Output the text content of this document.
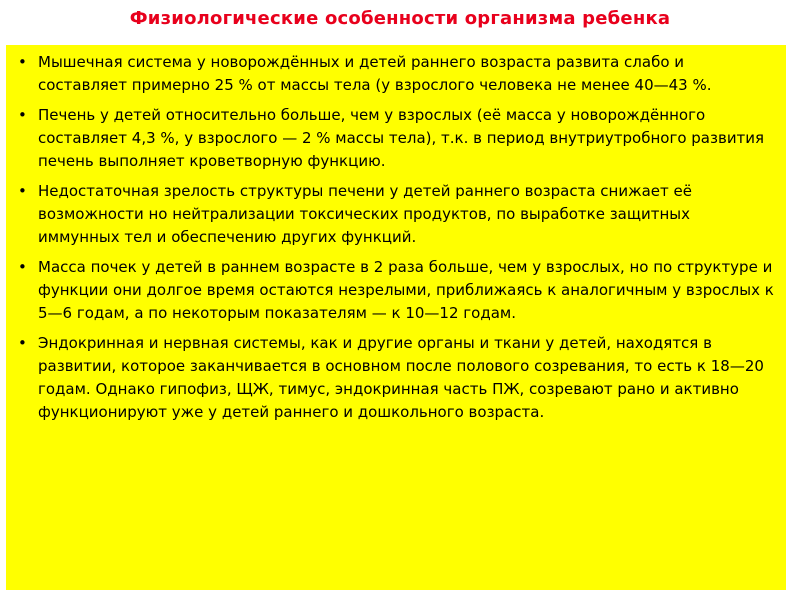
Физиологические особенности организма ребенка
• Мышечная система у новорождённых и детей раннего возраста развита слабо и составляет примерно 25 % от массы тела (у взрослого человека не менее 40—43 %.
• Печень у детей относительно больше, чем у взрослых (её масса у новорождённого составляет 4,3 %, у взрослого — 2 % массы тела), т.к. в период внутриутробного развития печень выполняет кроветворную функцию.
• Недостаточная зрелость структуры печени у детей раннего возраста снижает её возможности но нейтрализации токсических продуктов, по выработке защитных иммунных тел и обеспечению других функций.
• Масса почек у детей в раннем возрасте в 2 раза больше, чем у взрослых, но по структуре и функции они долгое время остаются незрелыми, приближаясь к аналогичным у взрослых к 5—6 годам, а по некоторым показателям — к 10—12 годам.
• Эндокринная и нервная системы, как и другие органы и ткани у детей, находятся в развитии, которое заканчивается в основном после полового созревания, то есть к 18—20 годам. Однако гипофиз, ЩЖ, тимус, эндокринная часть ПЖ, созревают рано и активно функционируют уже у детей раннего и дошкольного возраста.
